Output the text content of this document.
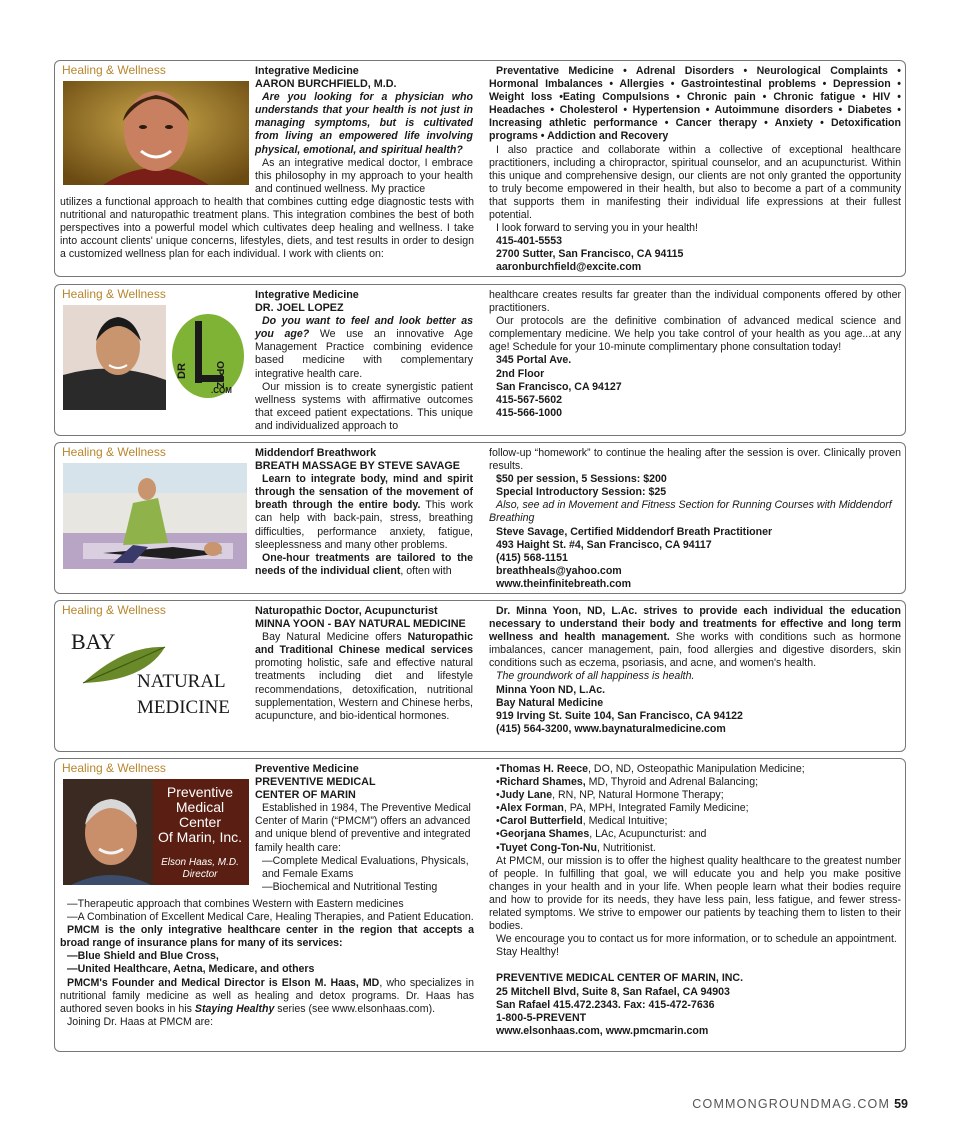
Healing & Wellness	Integrative Medicine
AARON BURCHFIELD, M.D.

Are you looking for a physician who understands that your health is not just in managing symptoms, but is cultivated from living an empowered life involving physical, emotional, and spiritual health?

As an integrative medical doctor, I embrace this philosophy in my approach to your health and continued wellness. My practice

utilizes a functional approach to health that combines cutting edge diagnostic tests with nutritional and naturopathic treatment plans. This integration combines the best of both perspectives into a powerful model which cultivates deep healing and wellness. I take into account clients' unique concerns, lifestyles, diets, and test results in order to design a customized wellness plan for each individual. I work with clients on:

Preventative Medicine • Adrenal Disorders • Neurological Complaints • Hormonal Imbalances • Allergies • Gastrointestinal problems • Depression • Weight loss •Eating Compulsions • Chronic pain • Chronic fatigue • HIV • Headaches • Cholesterol • Hypertension • Autoimmune disorders • Diabetes • Increasing athletic performance • Cancer therapy • Anxiety • Detoxification programs • Addiction and Recovery

I also practice and collaborate within a collective of exceptional healthcare practitioners, including a chiropractor, spiritual counselor, and an acupuncturist. Within this unique and comprehensive design, our clients are not only granted the opportunity to truly become empowered in their health, but also to become a part of a community that supports them in manifesting their individual life expressions at their fullest potential.

I look forward to serving you in your health!

415-401-5553
2700 Sutter, San Francisco, CA 94115
aaronburchfield@excite.com
Healing & Wellness
DR	OPEZ
.COM
Integrative Medicine
DR. JOEL LOPEZ

Do you want to feel and look better as you age? We use an innovative Age Management Practice combining evidence based medicine with complementary integrative health care.

Our mission is to create synergistic patient wellness systems with affirmative outcomes that exceed patient expectations. This unique and individualized approach to

healthcare creates results far greater than the individual components offered by other practitioners.

Our protocols are the definitive combination of advanced medical science and complementary medicine. We help you take control of your health as you age...at any age! Schedule for your 10-minute complimentary phone consultation today!

345 Portal Ave.
2nd Floor
San Francisco, CA 94127
415-567-5602
415-566-1000
Healing & Wellness	Middendorf Breathwork
BREATH MASSAGE BY STEVE SAVAGE

Learn to integrate body, mind and spirit through the sensation of the movement of breath through the entire body. This work can help with back-pain, stress, breathing difficulties, performance anxiety, fatigue, sleeplessness and many other problems.

One-hour treatments are tailored to the needs of the individual client, often with

follow-up “homework” to continue the healing after the session is over. Clinically proven results.

$50 per session, 5 Sessions: $200
Special Introductory Session: $25

Also, see ad in Movement and Fitness Section for Running Courses with Middendorf Breathing

Steve Savage, Certified Middendorf Breath Practitioner
493 Haight St. #4, San Francisco, CA 94117
(415) 568-1151
breathheals@yahoo.com
www.theinfinitebreath.com
Healing & Wellness
BAY
NATURAL
MEDICINE
Naturopathic Doctor, Acupuncturist
MINNA YOON - BAY NATURAL MEDICINE

Bay Natural Medicine offers Naturopathic and Traditional Chinese medical services promoting holistic, safe and effective natural treatments including diet and lifestyle recommendations, detoxification, nutritional supplementation, Western and Chinese herbs, acupuncture, and bio-identical hormones.

Dr. Minna Yoon, ND, L.Ac. strives to provide each individual the education necessary to understand their body and treatments for effective and long term wellness and health management. She works with conditions such as hormone imbalances, cancer management, pain, food allergies and digestive disorders, skin conditions such as eczema, psoriasis, and acne, and women's health.

The groundwork of all happiness is health.

Minna Yoon ND, L.Ac.
Bay Natural Medicine
919 Irving St. Suite 104, San Francisco, CA 94122
(415) 564-3200, www.baynaturalmedicine.com
Healing & Wellness
Preventive
Medical Center
Of Marin, Inc.
Elson Haas, M.D.
Director
Preventive Medicine
PREVENTIVE MEDICAL
CENTER OF MARIN

Established in 1984, The Preventive Medical Center of Marin (“PMCM”) offers an advanced and unique blend of preventive and integrated family health care:

—Complete Medical Evaluations, Physicals, and Female Exams

—Biochemical and Nutritional Testing

—Therapeutic approach that combines Western with Eastern medicines

—A Combination of Excellent Medical Care, Healing Therapies, and Patient Education.

PMCM is the only integrative healthcare center in the region that accepts a broad range of insurance plans for many of its services:

—Blue Shield and Blue Cross,

—United Healthcare, Aetna, Medicare, and others

PMCM's Founder and Medical Director is Elson M. Haas, MD, who specializes in nutritional family medicine as well as healing and detox programs. Dr. Haas has authored seven books in his Staying Healthy series (see www.elsonhaas.com).

Joining Dr. Haas at PMCM are:

•Thomas H. Reece, DO, ND, Osteopathic Manipulation Medicine;
•Richard Shames, MD, Thyroid and Adrenal Balancing;
•Judy Lane, RN, NP, Natural Hormone Therapy;
•Alex Forman, PA, MPH, Integrated Family Medicine;
•Carol Butterfield, Medical Intuitive;
•Georjana Shames, LAc, Acupuncturist: and
•Tuyet Cong-Ton-Nu, Nutritionist.

At PMCM, our mission is to offer the highest quality healthcare to the greatest number of people. In fulfilling that goal, we will educate you and help you make positive changes in your health and in your life. When people learn what their bodies require and how to provide for its needs, they have less pain, less fatigue, and fewer stress-related symptoms. We strive to empower our patients by teaching them to listen to their bodies.

We encourage you to contact us for more information, or to schedule an appointment.

Stay Healthy!

PREVENTIVE MEDICAL CENTER OF MARIN, INC.
25 Mitchell Blvd, Suite 8, San Rafael, CA 94903
San Rafael 415.472.2343. Fax: 415-472-7636
1-800-5-PREVENT
www.elsonhaas.com, www.pmcmarin.com
COMMONGROUNDMAG.COM 59
